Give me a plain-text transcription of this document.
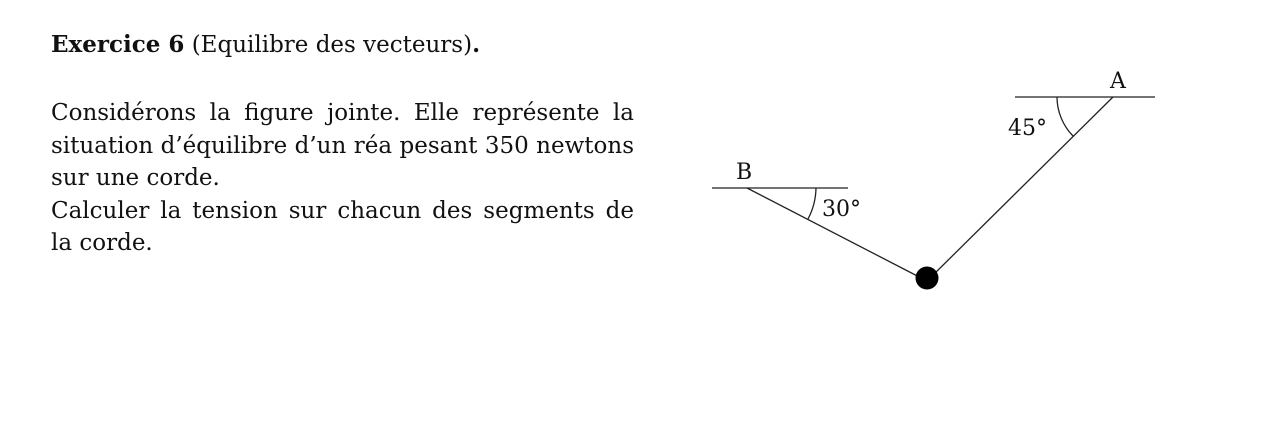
Exercice 6 (Equilibre des vecteurs).

Considérons la figure jointe. Elle représente la situation d’équilibre d’un réa pesant 350 newtons sur une corde.

Calculer la tension sur chacun des segments de la corde.

A
B
45°
30°
